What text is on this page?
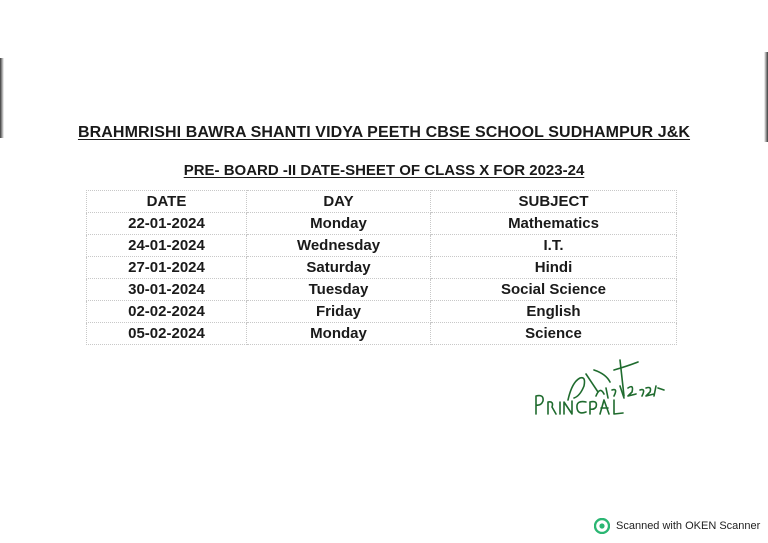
BRAHMRISHI BAWRA SHANTI VIDYA PEETH CBSE SCHOOL SUDHAMPUR J&K
PRE- BOARD -II DATE-SHEET OF CLASS X FOR 2023-24
DATE	DAY	SUBJECT
22-01-2024	Monday	Mathematics
24-01-2024	Wednesday	I.T.
27-01-2024	Saturday	Hindi
30-01-2024	Tuesday	Social Science
02-02-2024	Friday	English
05-02-2024	Monday	Science
Scanned with OKEN Scanner
